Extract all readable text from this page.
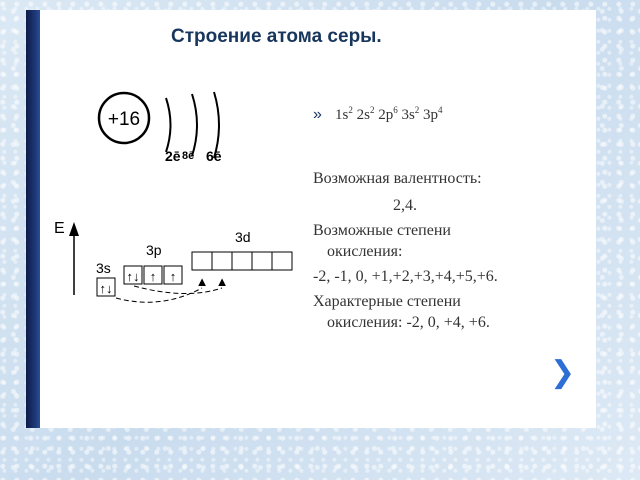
Строение атома серы.
+16
2ē 8ē 6ē
E
3s
3p
3d
↑↓
↑↓ ↑ ↑ ▲ ▲
» $1s^2$ $2s^2$ $2p^6$ $3s^2$ $3p^4$

Возможная валентность:

2,4.

Возможные степени

окисления:

-2, -1, 0, +1,+2,+3,+4,+5,+6.

Характерные степени

окисления: -2, 0, +4, +6.

❯
